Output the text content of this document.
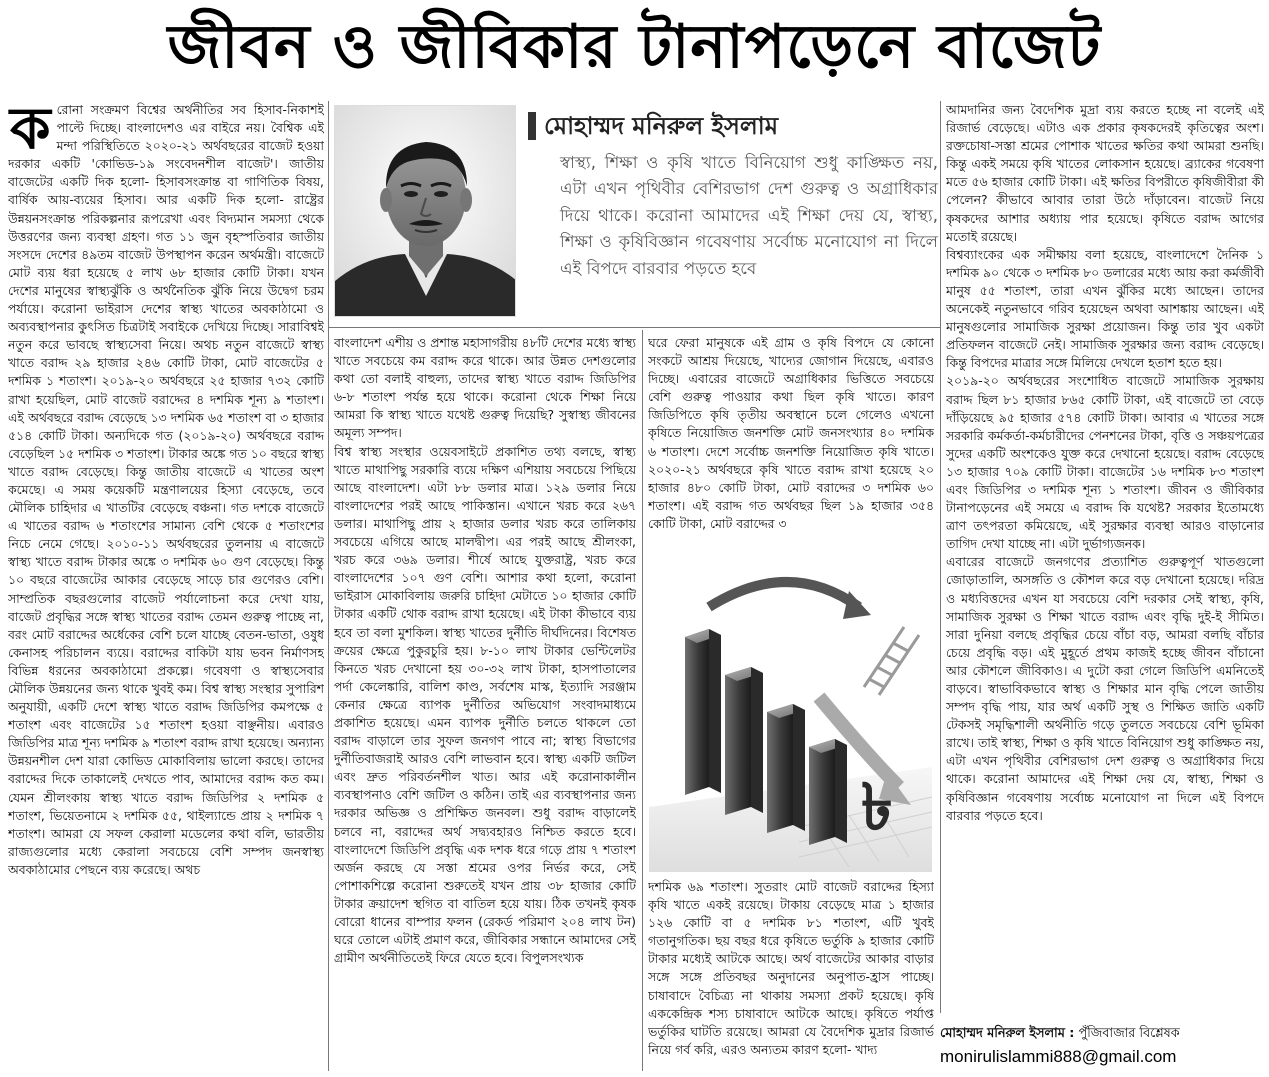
জীবন ও জীবিকার টানাপড়েনে বাজেট
ক রোনা সংক্রমণ বিশ্বের অর্থনীতির সব হিসাব-নিকাশই পাল্টে দিচ্ছে। বাংলাদেশও এর বাইরে নয়। বৈশ্বিক এই মন্দা পরিস্থিতিতে ২০২০-২১ অর্থবছরের বাজেট হওয়া দরকার একটি 'কোভিড-১৯ সংবেদনশীল বাজেট'। জাতীয় বাজেটের একটি দিক হলো- হিসাবসংক্রান্ত বা গাণিতিক বিষয়, বার্ষিক আয়-ব্যয়ের হিসাব। আর একটি দিক হলো- রাষ্ট্রের উন্নয়নসংক্রান্ত পরিকল্পনার রূপরেখা এবং বিদ্যমান সমস্যা থেকে উত্তরণের জন্য ব্যবস্থা গ্রহণ। গত ১১ জুন বৃহস্পতিবার জাতীয় সংসদে দেশের ৪৯তম বাজেট উপস্থাপন করেন অর্থমন্ত্রী। বাজেটে মোট ব্যয় ধরা হয়েছে ৫ লাখ ৬৮ হাজার কোটি টাকা। যখন দেশের মানুষের স্বাস্থ্যঝুঁকি ও অর্থনৈতিক ঝুঁকি নিয়ে উদ্বেগ চরম পর্যায়ে। করোনা ভাইরাস দেশের স্বাস্থ্য খাতের অবকাঠামো ও অব্যবস্থাপনার কুৎসিত চিত্রটাই সবাইকে দেখিয়ে দিচ্ছে। সারাবিশ্বই নতুন করে ভাবছে স্বাস্থ্যসেবা নিয়ে। অথচ নতুন বাজেটে স্বাস্থ্য খাতে বরাদ্দ ২৯ হাজার ২৪৬ কোটি টাকা, মোট বাজেটের ৫ দশমিক ১ শতাংশ। ২০১৯-২০ অর্থবছরে ২৫ হাজার ৭৩২ কোটি রাখা হয়েছিল, মোট বাজেট বরাদ্দের ৪ দশমিক শূন্য ৯ শতাংশ। এই অর্থবছরে বরাদ্দ বেড়েছে ১৩ দশমিক ৬৫ শতাংশ বা ৩ হাজার ৫১৪ কোটি টাকা। অন্যদিকে গত (২০১৯-২০) অর্থবছরে বরাদ্দ বেড়েছিল ১৫ দশমিক ৩ শতাংশ। টাকার অঙ্কে গত ১০ বছরে স্বাস্থ্য খাতে বরাদ্দ বেড়েছে। কিন্তু জাতীয় বাজেটে এ খাতের অংশ কমেছে। এ সময় কয়েকটি মন্ত্রণালয়ের হিস্যা বেড়েছে, তবে মৌলিক চাহিদার এ খাতটির বেড়েছে বঞ্চনা। গত দশকে বাজেটে এ খাতের বরাদ্দ ৬ শতাংশের সামান্য বেশি থেকে ৫ শতাংশের নিচে নেমে গেছে। ২০১০-১১ অর্থবছরের তুলনায় এ বাজেটে স্বাস্থ্য খাতে বরাদ্দ টাকার অঙ্কে ৩ দশমিক ৬০ গুণ বেড়েছে। কিন্তু ১০ বছরে বাজেটের আকার বেড়েছে সাড়ে চার গুণেরও বেশি। সাম্প্রতিক বছরগুলোর বাজেট পর্যালোচনা করে দেখা যায়, বাজেট প্রবৃদ্ধির সঙ্গে স্বাস্থ্য খাতের বরাদ্দ তেমন গুরুত্ব পাচ্ছে না, বরং মোট বরাদ্দের অর্ধেকের বেশি চলে যাচ্ছে বেতন-ভাতা, ওষুধ কেনাসহ পরিচালন ব্যয়ে। বরাদ্দের বাকিটা যায় ভবন নির্মাণসহ বিভিন্ন ধরনের অবকাঠামো প্রকল্পে। গবেষণা ও স্বাস্থ্যসেবার মৌলিক উন্নয়নের জন্য থাকে খুবই কম। বিশ্ব স্বাস্থ্য সংস্থার সুপারিশ অনুযায়ী, একটি দেশে স্বাস্থ্য খাতে বরাদ্দ জিডিপির কমপক্ষে ৫ শতাংশ এবং বাজেটের ১৫ শতাংশ হওয়া বাঞ্ছনীয়। এবারও জিডিপির মাত্র শূন্য দশমিক ৯ শতাংশ বরাদ্দ রাখা হয়েছে। অন্যান্য উন্নয়নশীল দেশ যারা কোভিড মোকাবিলায় ভালো করছে। তাদের বরাদ্দের দিকে তাকালেই দেখতে পাব, আমাদের বরাদ্দ কত কম। যেমন শ্রীলংকায় স্বাস্থ্য খাতে বরাদ্দ জিডিপির ২ দশমিক ৫ শতাংশ, ভিয়েতনামে ২ দশমিক ৫৫, থাইল্যান্ডে প্রায় ২ দশমিক ৭ শতাংশ। আমরা যে সফল কেরালা মডেলের কথা বলি, ভারতীয় রাজ্যগুলোর মধ্যে কেরালা সবচেয়ে বেশি সম্পদ জনস্বাস্থ্য অবকাঠামোর পেছনে ব্যয় করেছে। অথচ

মোহাম্মদ মনিরুল ইসলাম
স্বাস্থ্য, শিক্ষা ও কৃষি খাতে বিনিয়োগ শুধু কাঙ্ক্ষিত নয়, এটা এখন পৃথিবীর বেশিরভাগ দেশ গুরুত্ব ও অগ্রাধিকার দিয়ে থাকে। করোনা আমাদের এই শিক্ষা দেয় যে, স্বাস্থ্য, শিক্ষা ও কৃষিবিজ্ঞান গবেষণায় সর্বোচ্চ মনোযোগ না দিলে এই বিপদে বারবার পড়তে হবে

বাংলাদেশ এশীয় ও প্রশান্ত মহাসাগরীয় ৪৮টি দেশের মধ্যে স্বাস্থ্য খাতে সবচেয়ে কম বরাদ্দ করে থাকে। আর উন্নত দেশগুলোর কথা তো বলাই বাহুল্য, তাদের স্বাস্থ্য খাতে বরাদ্দ জিডিপির ৬-৮ শতাংশ পর্যন্ত হয়ে থাকে। করোনা থেকে শিক্ষা নিয়ে আমরা কি স্বাস্থ্য খাতে যথেষ্ট গুরুত্ব দিয়েছি? সুস্বাস্থ্য জীবনের অমূল্য সম্পদ।

বিশ্ব স্বাস্থ্য সংস্থার ওয়েবসাইটে প্রকাশিত তথ্য বলছে, স্বাস্থ্য খাতে মাথাপিছু সরকারি ব্যয়ে দক্ষিণ এশিয়ায় সবচেয়ে পিছিয়ে আছে বাংলাদেশ। এটা ৮৮ ডলার মাত্র। ১২৯ ডলার নিয়ে বাংলাদেশের পরই আছে পাকিস্তান। এখানে খরচ করে ২৬৭ ডলার। মাথাপিছু প্রায় ২ হাজার ডলার খরচ করে তালিকায় সবচেয়ে এগিয়ে আছে মালদ্বীপ। এর পরই আছে শ্রীলংকা, খরচ করে ৩৬৯ ডলার। শীর্ষে আছে যুক্তরাষ্ট্র, খরচ করে বাংলাদেশের ১০৭ গুণ বেশি। আশার কথা হলো, করোনা ভাইরাস মোকাবিলায় জরুরি চাহিদা মেটাতে ১০ হাজার কোটি টাকার একটি থোক বরাদ্দ রাখা হয়েছে। এই টাকা কীভাবে ব্যয় হবে তা বলা মুশকিল। স্বাস্থ্য খাতের দুর্নীতি দীর্ঘদিনের। বিশেষত ক্রয়ের ক্ষেত্রে পুকুরচুরি হয়। ৮-১০ লাখ টাকার ভেন্টিলেটর কিনতে খরচ দেখানো হয় ৩০-৩২ লাখ টাকা, হাসপাতালের পর্দা কেলেঙ্কারি, বালিশ কাণ্ড, সর্বশেষ মাস্ক, ইত্যাদি সরঞ্জাম কেনার ক্ষেত্রে ব্যাপক দুর্নীতির অভিযোগ সংবাদমাধ্যমে প্রকাশিত হয়েছে। এমন ব্যাপক দুর্নীতি চলতে থাকলে তো বরাদ্দ বাড়ালে তার সুফল জনগণ পাবে না; স্বাস্থ্য বিভাগের দুর্নীতিবাজরাই আরও বেশি লাভবান হবে। স্বাস্থ্য একটি জটিল এবং দ্রুত পরিবর্তনশীল খাত। আর এই করোনাকালীন ব্যবস্থাপনাও বেশি জটিল ও কঠিন। তাই এর ব্যবস্থাপনার জন্য দরকার অভিজ্ঞ ও প্রশিক্ষিত জনবল। শুধু বরাদ্দ বাড়ালেই চলবে না, বরাদ্দের অর্থ সদ্ব্যবহারও নিশ্চিত করতে হবে। বাংলাদেশে জিডিপি প্রবৃদ্ধি এক দশক ধরে গড়ে প্রায় ৭ শতাংশ অর্জন করছে যে সস্তা শ্রমের ওপর নির্ভর করে, সেই পোশাকশিল্পে করোনা শুরুতেই যখন প্রায় ৩৮ হাজার কোটি টাকার ক্রয়াদেশ স্থগিত বা বাতিল হয়ে যায়। ঠিক তখনই কৃষক বোরো ধানের বাম্পার ফলন (রেকর্ড পরিমাণ ২০৪ লাখ টন) ঘরে তোলে এটাই প্রমাণ করে, জীবিকার সন্ধানে আমাদের সেই গ্রামীণ অর্থনীতিতেই ফিরে যেতে হবে। বিপুলসংখ্যক

ঘরে ফেরা মানুষকে এই গ্রাম ও কৃষি বিপদে যে কোনো সংকটে আশ্রয় দিয়েছে, খাদ্যের জোগান দিয়েছে, এবারও দিচ্ছে। এবারের বাজেটে অগ্রাধিকার ভিত্তিতে সবচেয়ে বেশি গুরুত্ব পাওয়ার কথা ছিল কৃষি খাতে। কারণ জিডিপিতে কৃষি তৃতীয় অবস্থানে চলে গেলেও এখনো কৃষিতে নিয়োজিত জনশক্তি মোট জনসংখ্যার ৪০ দশমিক ৬ শতাংশ। দেশে সর্বোচ্চ জনশক্তি নিয়োজিত কৃষি খাতে। ২০২০-২১ অর্থবছরে কৃষি খাতে বরাদ্দ রাখা হয়েছে ২০ হাজার ৪৮০ কোটি টাকা, মোট বরাদ্দের ৩ দশমিক ৬০ শতাংশ। এই বরাদ্দ গত অর্থবছর ছিল ১৯ হাজার ৩৫৪ কোটি টাকা, মোট বরাদ্দের ৩

৳

দশমিক ৬৯ শতাংশ। সুতরাং মোট বাজেট বরাদ্দের হিস্যা কৃষি খাতে একই রয়েছে। টাকায় বেড়েছে মাত্র ১ হাজার ১২৬ কোটি বা ৫ দশমিক ৮১ শতাংশ, এটি খুবই গতানুগতিক। ছয় বছর ধরে কৃষিতে ভর্তুকি ৯ হাজার কোটি টাকার মধ্যেই আটকে আছে। অর্থ বাজেটের আকার বাড়ার সঙ্গে সঙ্গে প্রতিবছর অনুদানের অনুপাত-হ্রাস পাচ্ছে। চাষাবাদে বৈচিত্র্য না থাকায় সমস্যা প্রকট হয়েছে। কৃষি এককেন্দ্রিক শস্য চাষাবাদে আটকে আছে। কৃষিতে পর্যাপ্ত ভর্তুকির ঘাটতি রয়েছে। আমরা যে বৈদেশিক মুদ্রার রিজার্ভ নিয়ে গর্ব করি, এরও অন্যতম কারণ হলো- খাদ্য

আমদানির জন্য বৈদেশিক মুদ্রা ব্যয় করতে হচ্ছে না বলেই এই রিজার্ভ বেড়েছে। এটাও এক প্রকার কৃষকদেরই কৃতিত্বের অংশ। রক্তচোষা-সস্তা শ্রমের পোশাক খাতের ক্ষতির কথা আমরা শুনছি। কিন্তু একই সময়ে কৃষি খাতের লোকসান হয়েছে। ব্র্যাকের গবেষণা মতে ৫৬ হাজার কোটি টাকা। এই ক্ষতির বিপরীতে কৃষিজীবীরা কী পেলেন? কীভাবে আবার তারা উঠে দাঁড়াবেন। বাজেট নিয়ে কৃষকদের আশার অধ্যায় পার হয়েছে। কৃষিতে বরাদ্দ আগের মতোই রয়েছে।

বিশ্বব্যাংকের এক সমীক্ষায় বলা হয়েছে, বাংলাদেশে দৈনিক ১ দশমিক ৯০ থেকে ৩ দশমিক ৮০ ডলারের মধ্যে আয় করা কর্মজীবী মানুষ ৫৫ শতাংশ, তারা এখন ঝুঁকির মধ্যে আছেন। তাদের অনেকেই নতুনভাবে গরিব হয়েছেন অথবা আশঙ্কায় আছেন। এই মানুষগুলোর সামাজিক সুরক্ষা প্রয়োজন। কিন্তু তার খুব একটা প্রতিফলন বাজেটে নেই। সামাজিক সুরক্ষার জন্য বরাদ্দ বেড়েছে। কিন্তু বিপদের মাত্রার সঙ্গে মিলিয়ে দেখলে হতাশ হতে হয়।

২০১৯-২০ অর্থবছরের সংশোধিত বাজেটে সামাজিক সুরক্ষায় বরাদ্দ ছিল ৮১ হাজার ৮৬৫ কোটি টাকা, এই বাজেটে তা বেড়ে দাঁড়িয়েছে ৯৫ হাজার ৫৭৪ কোটি টাকা। আবার এ খাতের সঙ্গে সরকারি কর্মকর্তা-কর্মচারীদের পেনশনের টাকা, বৃত্তি ও সঞ্চয়পত্রের সুদের একটি অংশকেও যুক্ত করে দেখানো হয়েছে। বরাদ্দ বেড়েছে ১৩ হাজার ৭০৯ কোটি টাকা। বাজেটের ১৬ দশমিক ৮৩ শতাংশ এবং জিডিপির ৩ দশমিক শূন্য ১ শতাংশ। জীবন ও জীবিকার টানাপড়েনের এই সময়ে এ বরাদ্দ কি যথেষ্ট? সরকার ইতোমধ্যে ত্রাণ তৎপরতা কমিয়েছে, এই সুরক্ষার ব্যবস্থা আরও বাড়ানোর তাগিদ দেখা যাচ্ছে না। এটা দুর্ভাগ্যজনক।

এবারের বাজেটে জনগণের প্রত্যাশিত গুরুত্বপূর্ণ খাতগুলো জোড়াতালি, অসঙ্গতি ও কৌশল করে বড় দেখানো হয়েছে। দরিদ্র ও মধ্যবিত্তদের এখন যা সবচেয়ে বেশি দরকার সেই স্বাস্থ্য, কৃষি, সামাজিক সুরক্ষা ও শিক্ষা খাতে বরাদ্দ এবং বৃদ্ধি দুই-ই সীমিত। সারা দুনিয়া বলছে প্রবৃদ্ধির চেয়ে বাঁচা বড়, আমরা বলছি বাঁচার চেয়ে প্রবৃদ্ধি বড়। এই মুহূর্তে প্রথম কাজই হচ্ছে জীবন বাঁচানো আর কৌশলে জীবিকাও। এ দুটো করা গেলে জিডিপি এমনিতেই বাড়বে। স্বাভাবিকভাবে স্বাস্থ্য ও শিক্ষার মান বৃদ্ধি পেলে জাতীয় সম্পদ বৃদ্ধি পায়, যার অর্থ একটি সুস্থ ও শিক্ষিত জাতি একটি টেকসই সমৃদ্ধিশালী অর্থনীতি গড়ে তুলতে সবচেয়ে বেশি ভূমিকা রাখে। তাই স্বাস্থ্য, শিক্ষা ও কৃষি খাতে বিনিয়োগ শুধু কাঙ্ক্ষিত নয়, এটা এখন পৃথিবীর বেশিরভাগ দেশ গুরুত্ব ও অগ্রাধিকার দিয়ে থাকে। করোনা আমাদের এই শিক্ষা দেয় যে, স্বাস্থ্য, শিক্ষা ও কৃষিবিজ্ঞান গবেষণায় সর্বোচ্চ মনোযোগ না দিলে এই বিপদে বারবার পড়তে হবে।

মোহাম্মদ মনিরুল ইসলাম : পুঁজিবাজার বিশ্লেষক
monirulislammi888@gmail.com
